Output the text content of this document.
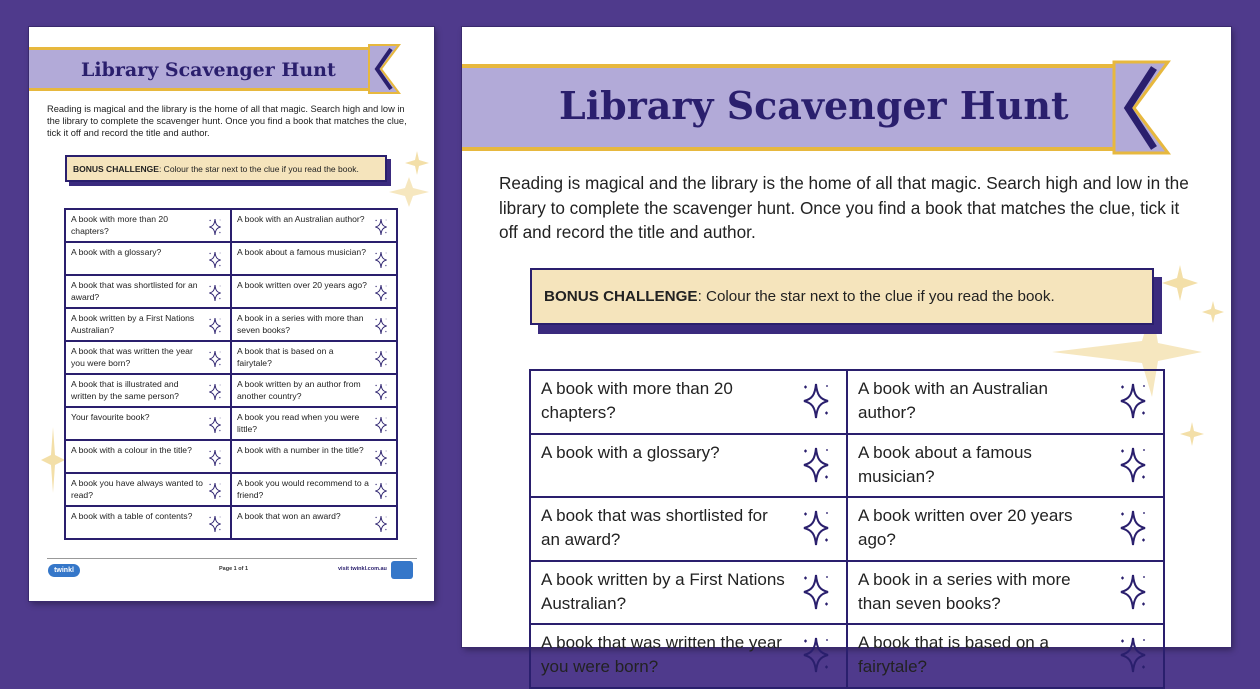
Library Scavenger Hunt

Reading is magical and the library is the home of all that magic. Search high and low in the library to complete the scavenger hunt. Once you find a book that matches the clue, tick it off and record the title and author.

BONUS CHALLENGE: Colour the star next to the clue if you read the book.
A book with more than 20 chapters?	A book with an Australian author?

A book with a glossary?	A book about a famous musician?

A book that was shortlisted for an award?	A book written over 20 years ago?

A book written by a First Nations Australian?	A book in a series with more than seven books?

A book that was written the year you were born?	A book that is based on a fairytale?

A book that is illustrated and written by the same person?	A book written by an author from another country?

Your favourite book?	A book you read when you were little?

A book with a colour in the title?	A book with a number in the title?

A book you have always wanted to read?	A book you would recommend to a friend?

A book with a table of contents?	A book that won an award?
twinkl	Page 1 of 1	visit twinkl.com.au
Library Scavenger Hunt

Reading is magical and the library is the home of all that magic. Search high and low in the library to complete the scavenger hunt. Once you find a book that matches the clue, tick it off and record the title and author.

BONUS CHALLENGE: Colour the star next to the clue if you read the book.
A book with more than 20 chapters?	A book with an Australian author?

A book with a glossary?	A book about a famous musician?

A book that was shortlisted for an award?	A book written over 20 years ago?

A book written by a First Nations Australian?	A book in a series with more than seven books?

A book that was written the year you were born?	A book that is based on a fairytale?
